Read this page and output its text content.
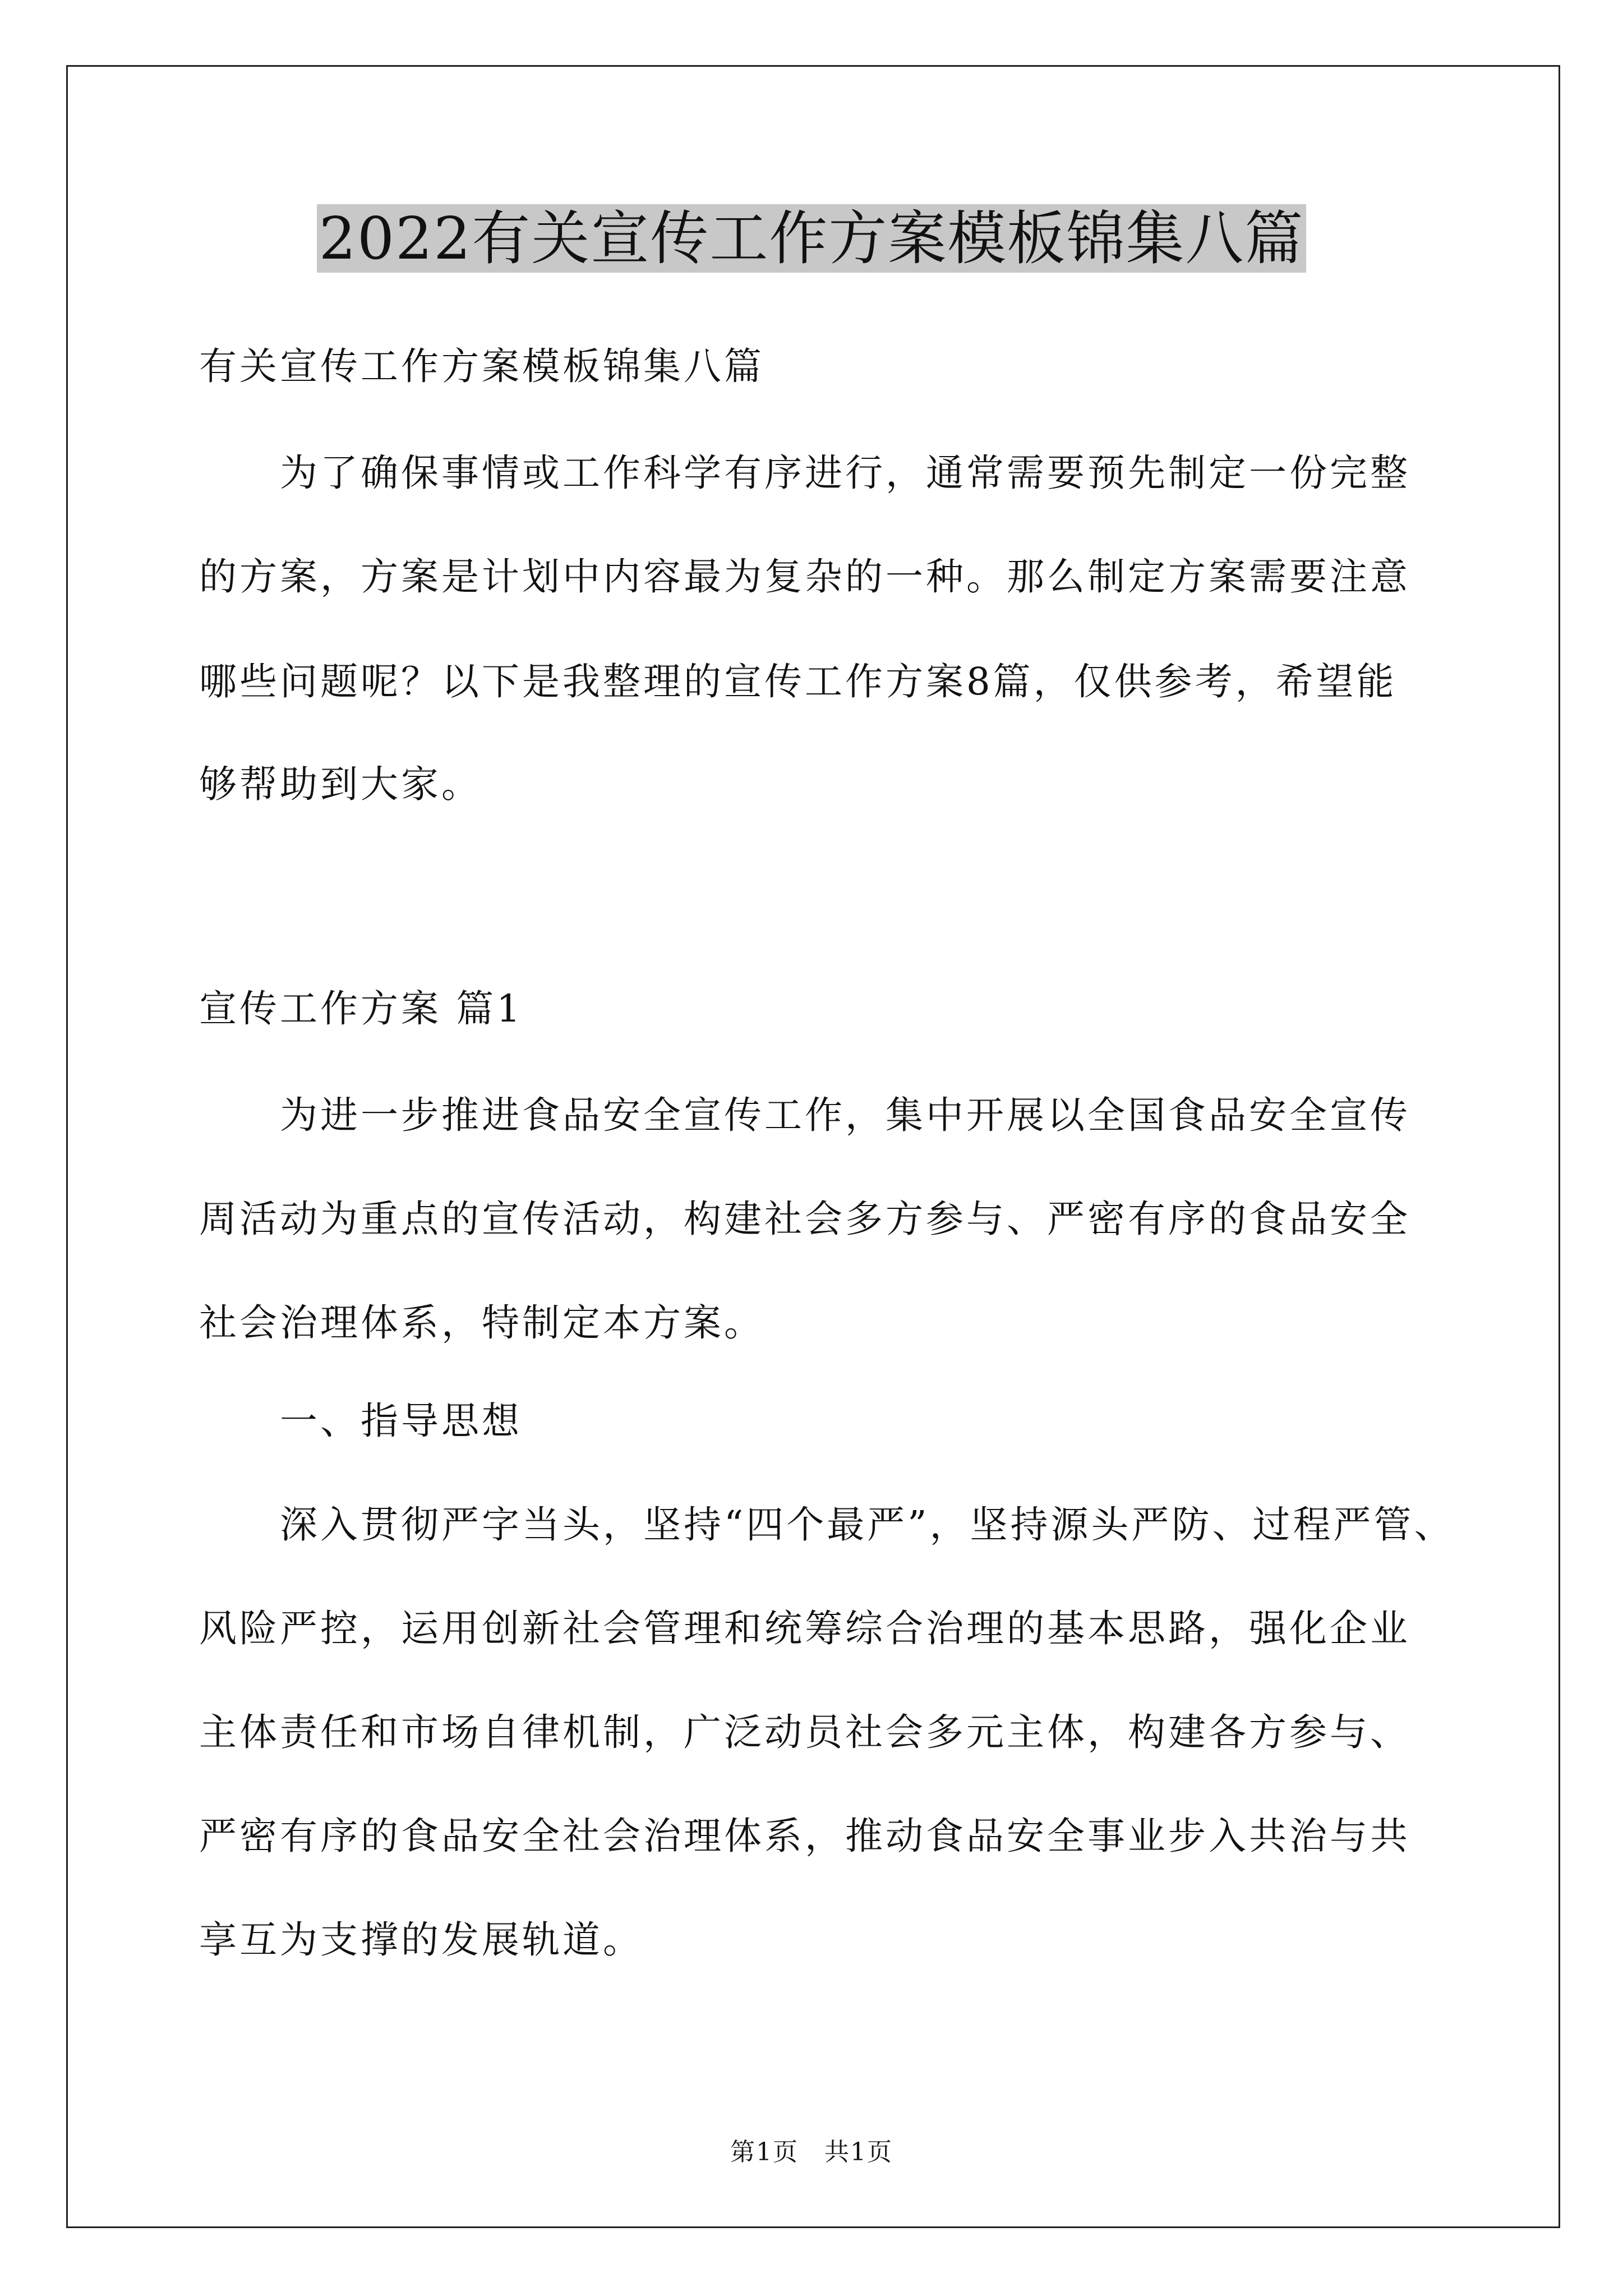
2022有关宣传工作方案模板锦集八篇
有关宣传工作方案模板锦集八篇
　　为了确保事情或工作科学有序进行，通常需要预先制定一份完整
的方案，方案是计划中内容最为复杂的一种。那么制定方案需要注意
哪些问题呢？以下是我整理的宣传工作方案8篇，仅供参考，希望能
够帮助到大家。
宣传工作方案 篇1
　　为进一步推进食品安全宣传工作，集中开展以全国食品安全宣传
周活动为重点的宣传活动，构建社会多方参与、严密有序的食品安全
社会治理体系，特制定本方案。
　　一、指导思想
　　深入贯彻严字当头，坚持“四个最严”，坚持源头严防、过程严管、
风险严控，运用创新社会管理和统筹综合治理的基本思路，强化企业
主体责任和市场自律机制，广泛动员社会多元主体，构建各方参与、
严密有序的食品安全社会治理体系，推动食品安全事业步入共治与共
享互为支撑的发展轨道。
第1页　共1页
